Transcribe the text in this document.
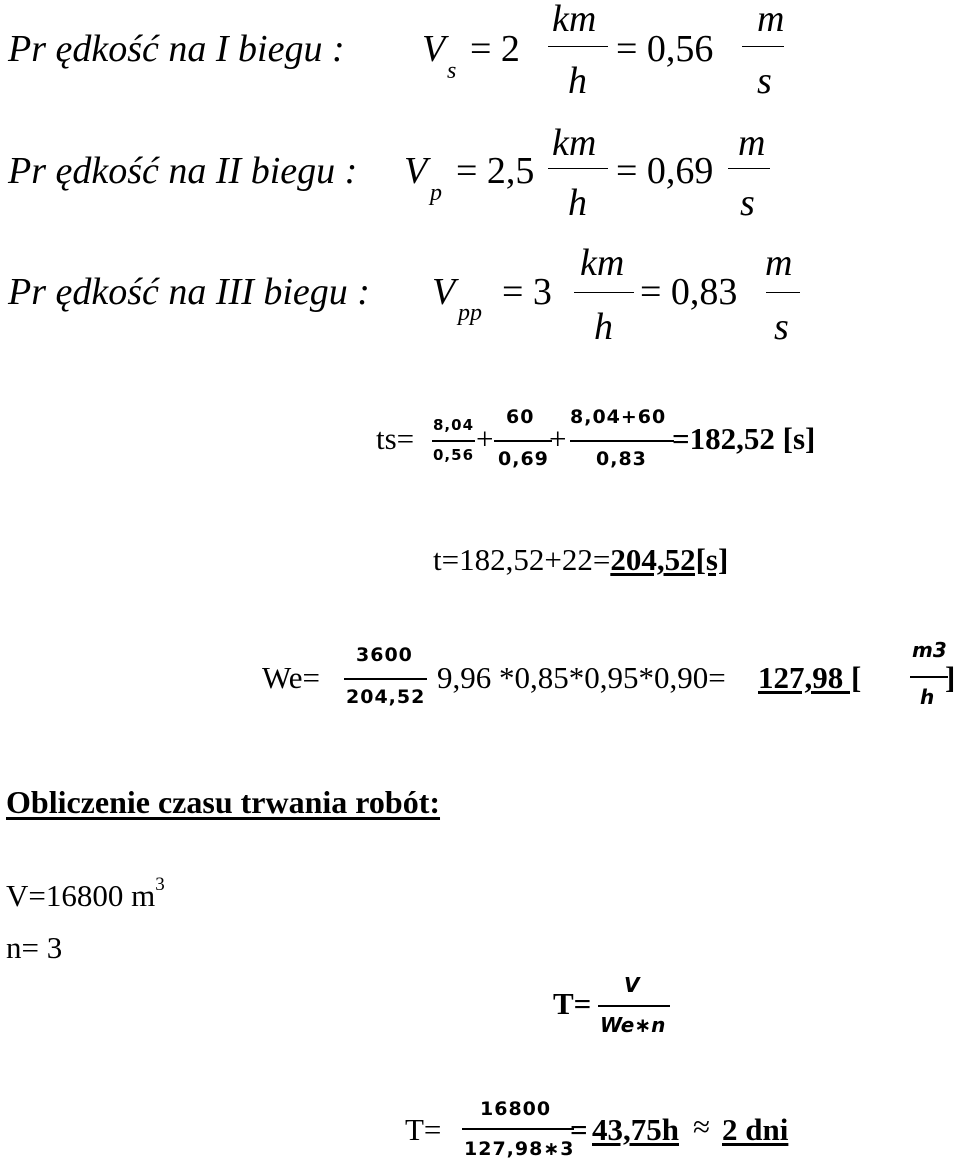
Pr ędkość na I biegu : V
s
= 2
km
h
= 0,56
m
s
Pr ędkość na II biegu : V
p
= 2,5
km
h
= 0,69
m
s
Pr ędkość na III biegu : V pp = 3
km
h
= 0,83
m
s
ts= 8,04
0,56 +
60
0,69
+
8,04+60
0,83
=182,52 [s]
t=182,52+22=204,52[s]
We=
3600
204,52
9,96 *0,85*0,95*0,90= 127,98 [
m3
h
]
Obliczenie czasu trwania robót:
V=16800 $m^3$
n= 3
T=
V
We∗n
T=
16800
127,98∗3
= 43,75h ≈ 2 dni
